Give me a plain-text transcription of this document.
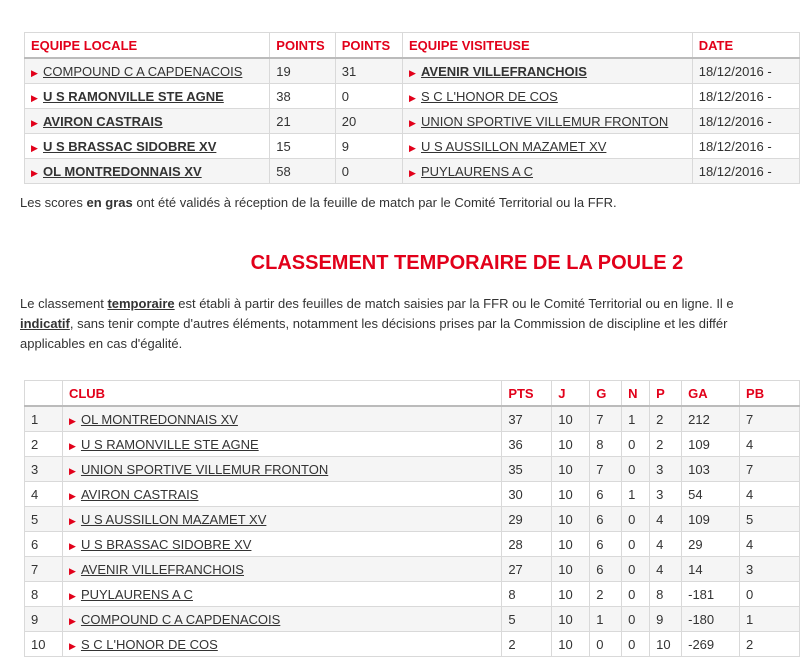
EQUIPE LOCALE	POINTS	POINTS	EQUIPE VISITEUSE	DATE
▶ COMPOUND C A CAPDENACOIS	19	31	▶ AVENIR VILLEFRANCHOIS	18/12/2016 -
▶ U S RAMONVILLE STE AGNE	38	0	▶ S C L'HONOR DE COS	18/12/2016 -
▶ AVIRON CASTRAIS	21	20	▶ UNION SPORTIVE VILLEMUR FRONTON	18/12/2016 -
▶ U S BRASSAC SIDOBRE XV	15	9	▶ U S AUSSILLON MAZAMET XV	18/12/2016 -
▶ OL MONTREDONNAIS XV	58	0	▶ PUYLAURENS A C	18/12/2016 -
Les scores en gras ont été validés à réception de la feuille de match par le Comité Territorial ou la FFR.
CLASSEMENT TEMPORAIRE DE LA POULE 2
Le classement temporaire est établi à partir des feuilles de match saisies par la FFR ou le Comité Territorial ou en ligne. Il e
indicatif, sans tenir compte d'autres éléments, notamment les décisions prises par la Commission de discipline et les différ
applicables en cas d'égalité.
	CLUB	PTS	J	G	N	P	GA	PB
1	▶ OL MONTREDONNAIS XV	37	10	7	1	2	212	7
2	▶ U S RAMONVILLE STE AGNE	36	10	8	0	2	109	4
3	▶ UNION SPORTIVE VILLEMUR FRONTON	35	10	7	0	3	103	7
4	▶ AVIRON CASTRAIS	30	10	6	1	3	54	4
5	▶ U S AUSSILLON MAZAMET XV	29	10	6	0	4	109	5
6	▶ U S BRASSAC SIDOBRE XV	28	10	6	0	4	29	4
7	▶ AVENIR VILLEFRANCHOIS	27	10	6	0	4	14	3
8	▶ PUYLAURENS A C	8	10	2	0	8	-181	0
9	▶ COMPOUND C A CAPDENACOIS	5	10	1	0	9	-180	1
10	▶ S C L'HONOR DE COS	2	10	0	0	10	-269	2
